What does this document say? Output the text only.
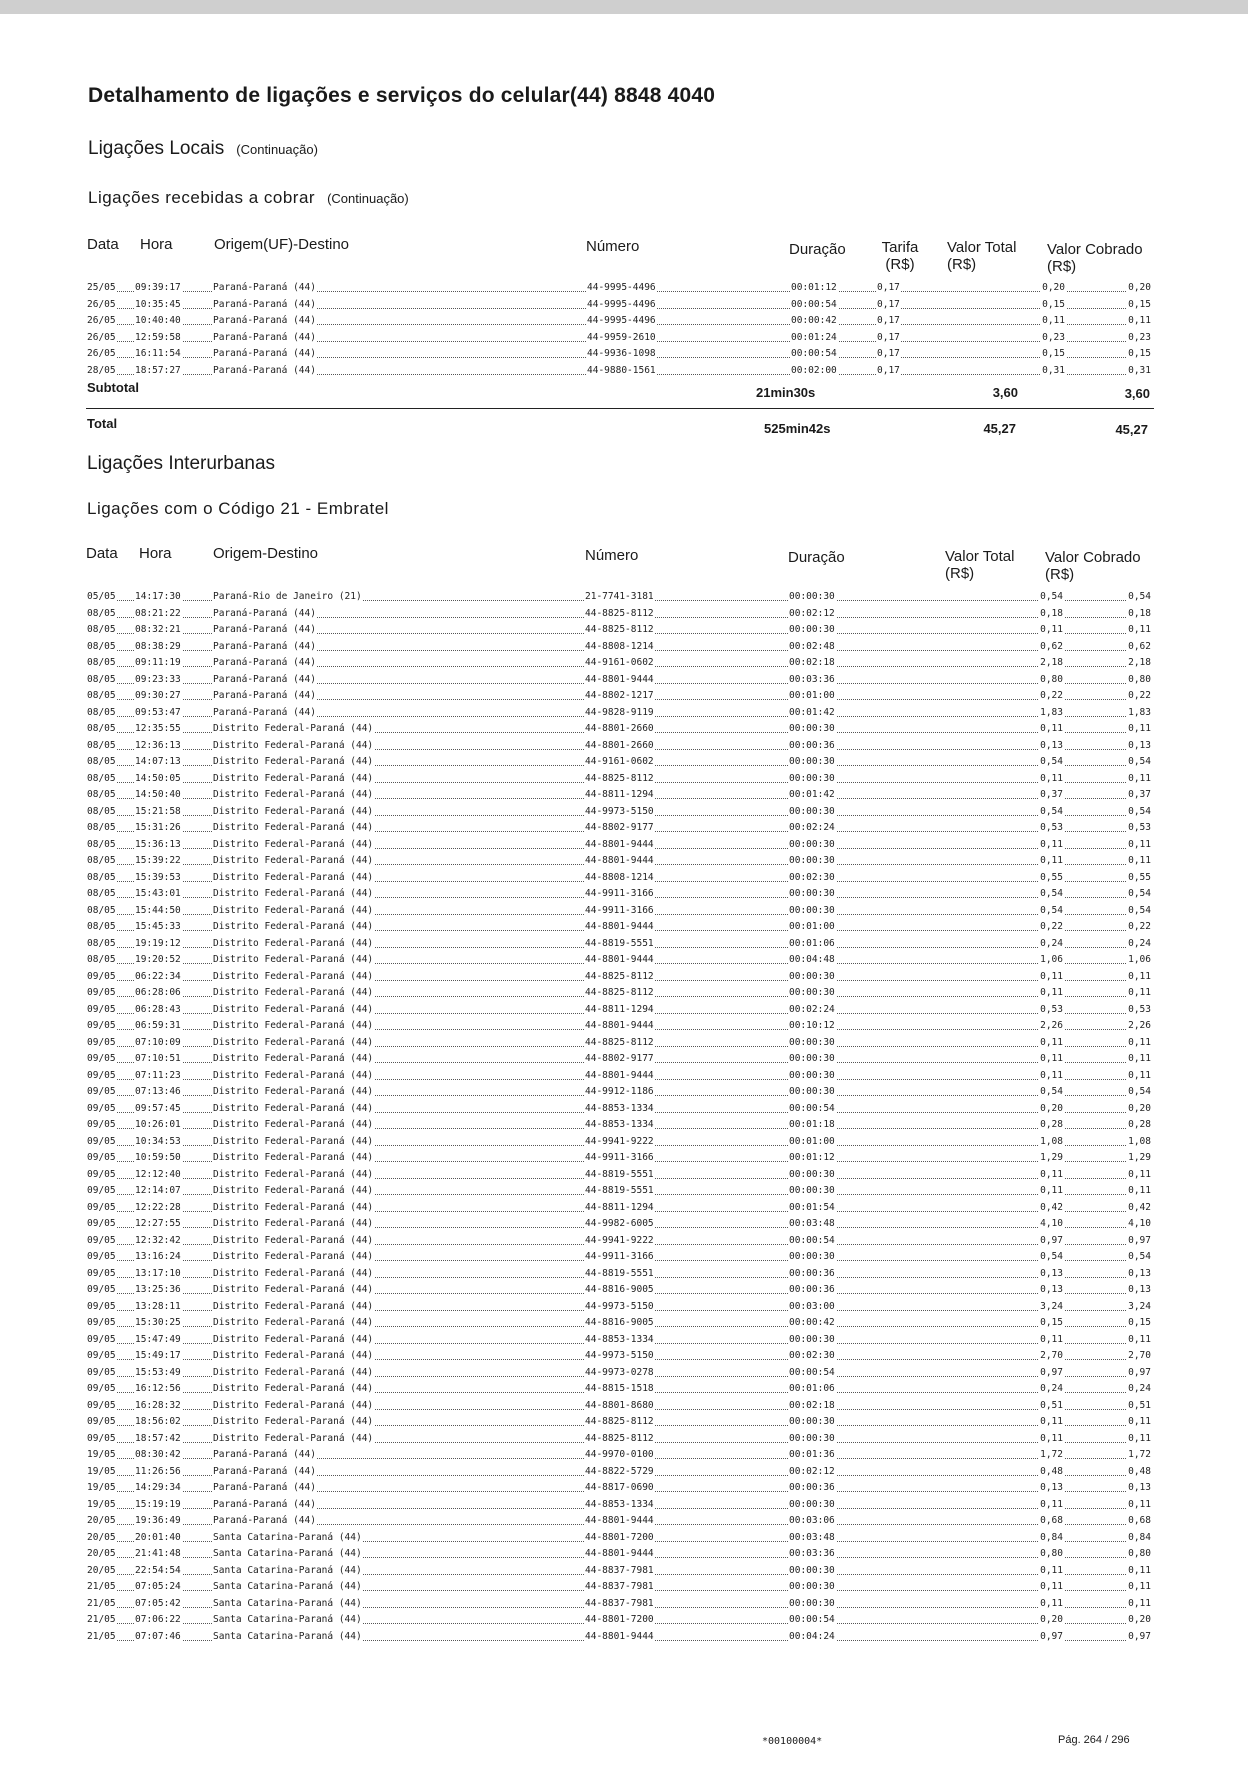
Detalhamento de ligações e serviços do celular(44) 8848 4040
Ligações Locais (Continuação)
Ligações recebidas a cobrar (Continuação)
Data Hora	Origem(UF)-Destino	Número	Duração	Tarifa (R$)
Valor Total (R$)
Valor Cobrado (R$)
25/05 09:39:17	Paraná-Paraná (44)	44-9995-4496	00:01:12	0,17	0,20	0,20
26/05 10:35:45	Paraná-Paraná (44)	44-9995-4496	00:00:54	0,17	0,15	0,15
26/05 10:40:40	Paraná-Paraná (44)	44-9995-4496	00:00:42	0,17	0,11	0,11
26/05 12:59:58	Paraná-Paraná (44)	44-9959-2610	00:01:24	0,17	0,23	0,23
26/05 16:11:54	Paraná-Paraná (44)	44-9936-1098	00:00:54	0,17	0,15	0,15
28/05 18:57:27	Paraná-Paraná (44)	44-9880-1561	00:02:00	0,17	0,31	0,31
Subtotal	21min30s	3,60	3,60
Total	525min42s	45,27	45,27
Ligações Interurbanas
Ligações com o Código 21 - Embratel
Data Hora	Origem-Destino	Número	Duração	Valor Total (R$)
Valor Cobrado (R$)
05/05 14:17:30	Paraná-Rio de Janeiro (21)	21-7741-3181	00:00:30	0,54	0,54
08/05 08:21:22	Paraná-Paraná (44)	44-8825-8112	00:02:12	0,18	0,18
08/05 08:32:21	Paraná-Paraná (44)	44-8825-8112	00:00:30	0,11	0,11
08/05 08:38:29	Paraná-Paraná (44)	44-8808-1214	00:02:48	0,62	0,62
08/05 09:11:19	Paraná-Paraná (44)	44-9161-0602	00:02:18	2,18	2,18
08/05 09:23:33	Paraná-Paraná (44)	44-8801-9444	00:03:36	0,80	0,80
08/05 09:30:27	Paraná-Paraná (44)	44-8802-1217	00:01:00	0,22	0,22
08/05 09:53:47	Paraná-Paraná (44)	44-9828-9119	00:01:42	1,83	1,83
08/05 12:35:55	Distrito Federal-Paraná (44)	44-8801-2660	00:00:30	0,11	0,11
08/05 12:36:13	Distrito Federal-Paraná (44)	44-8801-2660	00:00:36	0,13	0,13
08/05 14:07:13	Distrito Federal-Paraná (44)	44-9161-0602	00:00:30	0,54	0,54
08/05 14:50:05	Distrito Federal-Paraná (44)	44-8825-8112	00:00:30	0,11	0,11
08/05 14:50:40	Distrito Federal-Paraná (44)	44-8811-1294	00:01:42	0,37	0,37
08/05 15:21:58	Distrito Federal-Paraná (44)	44-9973-5150	00:00:30	0,54	0,54
08/05 15:31:26	Distrito Federal-Paraná (44)	44-8802-9177	00:02:24	0,53	0,53
08/05 15:36:13	Distrito Federal-Paraná (44)	44-8801-9444	00:00:30	0,11	0,11
08/05 15:39:22	Distrito Federal-Paraná (44)	44-8801-9444	00:00:30	0,11	0,11
08/05 15:39:53	Distrito Federal-Paraná (44)	44-8808-1214	00:02:30	0,55	0,55
08/05 15:43:01	Distrito Federal-Paraná (44)	44-9911-3166	00:00:30	0,54	0,54
08/05 15:44:50	Distrito Federal-Paraná (44)	44-9911-3166	00:00:30	0,54	0,54
08/05 15:45:33	Distrito Federal-Paraná (44)	44-8801-9444	00:01:00	0,22	0,22
08/05 19:19:12	Distrito Federal-Paraná (44)	44-8819-5551	00:01:06	0,24	0,24
08/05 19:20:52	Distrito Federal-Paraná (44)	44-8801-9444	00:04:48	1,06	1,06
09/05 06:22:34	Distrito Federal-Paraná (44)	44-8825-8112	00:00:30	0,11	0,11
09/05 06:28:06	Distrito Federal-Paraná (44)	44-8825-8112	00:00:30	0,11	0,11
09/05 06:28:43	Distrito Federal-Paraná (44)	44-8811-1294	00:02:24	0,53	0,53
09/05 06:59:31	Distrito Federal-Paraná (44)	44-8801-9444	00:10:12	2,26	2,26
09/05 07:10:09	Distrito Federal-Paraná (44)	44-8825-8112	00:00:30	0,11	0,11
09/05 07:10:51	Distrito Federal-Paraná (44)	44-8802-9177	00:00:30	0,11	0,11
09/05 07:11:23	Distrito Federal-Paraná (44)	44-8801-9444	00:00:30	0,11	0,11
09/05 07:13:46	Distrito Federal-Paraná (44)	44-9912-1186	00:00:30	0,54	0,54
09/05 09:57:45	Distrito Federal-Paraná (44)	44-8853-1334	00:00:54	0,20	0,20
09/05 10:26:01	Distrito Federal-Paraná (44)	44-8853-1334	00:01:18	0,28	0,28
09/05 10:34:53	Distrito Federal-Paraná (44)	44-9941-9222	00:01:00	1,08	1,08
09/05 10:59:50	Distrito Federal-Paraná (44)	44-9911-3166	00:01:12	1,29	1,29
09/05 12:12:40	Distrito Federal-Paraná (44)	44-8819-5551	00:00:30	0,11	0,11
09/05 12:14:07	Distrito Federal-Paraná (44)	44-8819-5551	00:00:30	0,11	0,11
09/05 12:22:28	Distrito Federal-Paraná (44)	44-8811-1294	00:01:54	0,42	0,42
09/05 12:27:55	Distrito Federal-Paraná (44)	44-9982-6005	00:03:48	4,10	4,10
09/05 12:32:42	Distrito Federal-Paraná (44)	44-9941-9222	00:00:54	0,97	0,97
09/05 13:16:24	Distrito Federal-Paraná (44)	44-9911-3166	00:00:30	0,54	0,54
09/05 13:17:10	Distrito Federal-Paraná (44)	44-8819-5551	00:00:36	0,13	0,13
09/05 13:25:36	Distrito Federal-Paraná (44)	44-8816-9005	00:00:36	0,13	0,13
09/05 13:28:11	Distrito Federal-Paraná (44)	44-9973-5150	00:03:00	3,24	3,24
09/05 15:30:25	Distrito Federal-Paraná (44)	44-8816-9005	00:00:42	0,15	0,15
09/05 15:47:49	Distrito Federal-Paraná (44)	44-8853-1334	00:00:30	0,11	0,11
09/05 15:49:17	Distrito Federal-Paraná (44)	44-9973-5150	00:02:30	2,70	2,70
09/05 15:53:49	Distrito Federal-Paraná (44)	44-9973-0278	00:00:54	0,97	0,97
09/05 16:12:56	Distrito Federal-Paraná (44)	44-8815-1518	00:01:06	0,24	0,24
09/05 16:28:32	Distrito Federal-Paraná (44)	44-8801-8680	00:02:18	0,51	0,51
09/05 18:56:02	Distrito Federal-Paraná (44)	44-8825-8112	00:00:30	0,11	0,11
09/05 18:57:42	Distrito Federal-Paraná (44)	44-8825-8112	00:00:30	0,11	0,11
19/05 08:30:42	Paraná-Paraná (44)	44-9970-0100	00:01:36	1,72	1,72
19/05 11:26:56	Paraná-Paraná (44)	44-8822-5729	00:02:12	0,48	0,48
19/05 14:29:34	Paraná-Paraná (44)	44-8817-0690	00:00:36	0,13	0,13
19/05 15:19:19	Paraná-Paraná (44)	44-8853-1334	00:00:30	0,11	0,11
20/05 19:36:49	Paraná-Paraná (44)	44-8801-9444	00:03:06	0,68	0,68
20/05 20:01:40	Santa Catarina-Paraná (44)	44-8801-7200	00:03:48	0,84	0,84
20/05 21:41:48	Santa Catarina-Paraná (44)	44-8801-9444	00:03:36	0,80	0,80
20/05 22:54:54	Santa Catarina-Paraná (44)	44-8837-7981	00:00:30	0,11	0,11
21/05 07:05:24	Santa Catarina-Paraná (44)	44-8837-7981	00:00:30	0,11	0,11
21/05 07:05:42	Santa Catarina-Paraná (44)	44-8837-7981	00:00:30	0,11	0,11
21/05 07:06:22	Santa Catarina-Paraná (44)	44-8801-7200	00:00:54	0,20	0,20
21/05 07:07:46	Santa Catarina-Paraná (44)	44-8801-9444	00:04:24	0,97	0,97
*00100004*	Pág. 264 / 296
